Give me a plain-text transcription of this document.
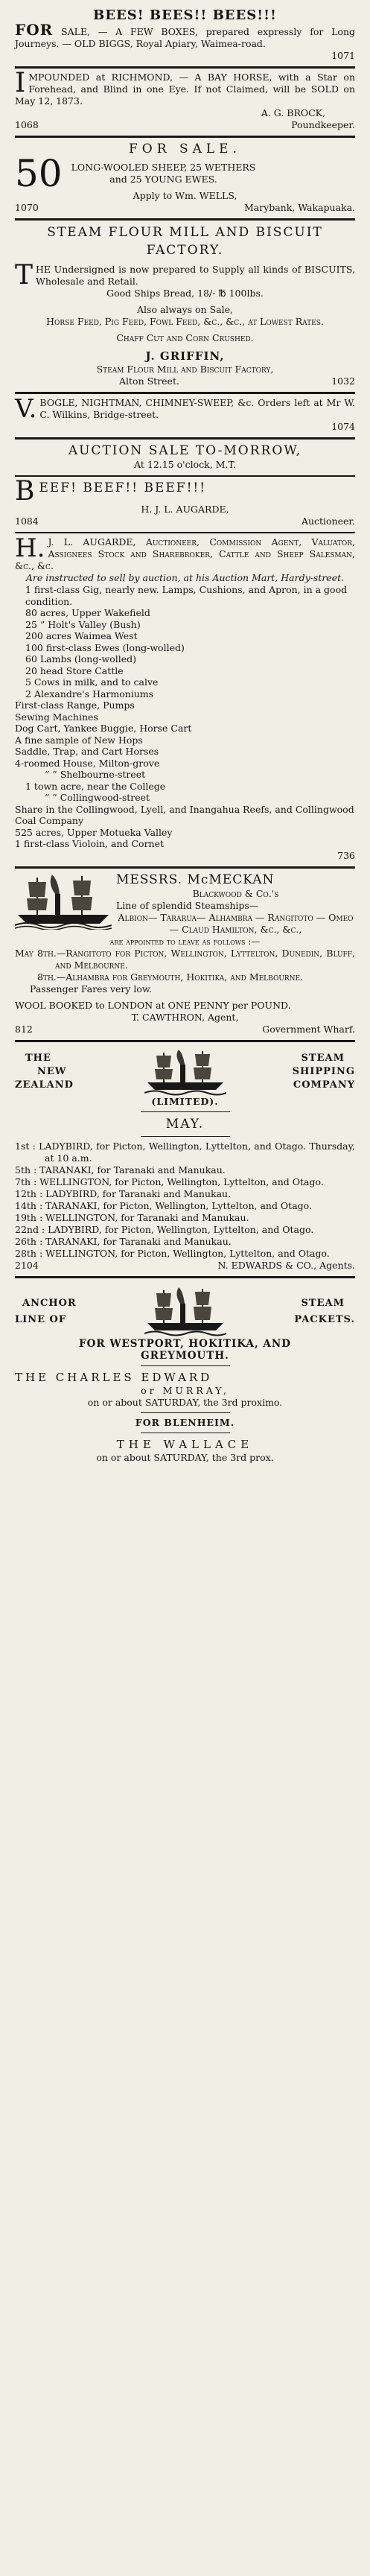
BEES! BEES!! BEES!!!

FOR SALE, — A FEW BOXES, prepared expressly for Long Journeys. — OLD BIGGS, Royal Apiary, Waimea-road.

1071

IMPOUNDED at RICHMOND, — A BAY HORSE, with a Star on Forehead, and Blind in one Eye. If not Claimed, will be SOLD on May 12, 1873.

A. G. BROCK,

1068	Poundkeeper.

FOR SALE.

50 LONG-WOOLED SHEEP, 25 WETHERS

and 25 YOUNG EWES.

Apply to Wm. WELLS,

1070	Marybank, Wakapuaka.

STEAM FLOUR MILL AND BISCUIT FACTORY.

THE Undersigned is now prepared to Supply all kinds of BISCUITS, Wholesale and Retail.

Good Ships Bread, 18/- ℔ 100lbs.

Also always on Sale,

Horse Feed, Pig Feed, Fowl Feed, &c., &c., at Lowest Rates.

Chaff Cut and Corn Crushed.

J. GRIFFIN,

Steam Flour Mill and Biscuit Factory,

Alton Street.	1032

V. BOGLE, NIGHTMAN, CHIMNEY-SWEEP, &c. Orders left at Mr W. C. Wilkins, Bridge-street.

1074

AUCTION SALE TO-MORROW,

At 12.15 o'clock, M.T.

BEEF! BEEF!! BEEF!!!

H. J. L. AUGARDE,

1084	Auctioneer.

H. J. L. AUGARDE, Auctioneer, Commission Agent, Valuator, Assignees Stock and Sharebroker, Cattle and Sheep Salesman, &c., &c.

Are instructed to sell by auction, at his Auction Mart, Hardy-street.

1 first-class Gig, nearly new. Lamps, Cushions, and Apron, in a good condition.

80 acres, Upper Wakefield

25 ” Holt's Valley (Bush)

200 acres Waimea West

100 first-class Ewes (long-wolled)

60 Lambs (long-wolled)

20 head Store Cattle

5 Cows in milk, and to calve

2 Alexandre's Harmoniums

First-class Range, Pumps

Sewing Machines

Dog Cart, Yankee Buggie, Horse Cart

A fine sample of New Hops

Saddle, Trap, and Cart Horses

4-roomed House, Milton-grove

” ” Shelbourne-street

1 town acre, near the College

” ” Collingwood-street

Share in the Collingwood, Lyell, and Inangahua Reefs, and Collingwood Coal Company

525 acres, Upper Motueka Valley

1 first-class Violoin, and Cornet

736

MESSRS. McMECKAN

Blackwood & Co.'s

Line of splendid Steamships—

Albion— Tararua— Alhambra — Rangitoto — Omeo — Claud Hamilton, &c., &c.,

are appointed to leave as follows :—

May 8th.—Rangitoto for Picton, Wellington, Lyttelton, Dunedin, Bluff, and Melbourne.

8th.—Alhambra for Greymouth, Hokitika, and Melbourne.

Passenger Fares very low.

WOOL BOOKED to LONDON at ONE PENNY per POUND.

T. CAWTHRON, Agent,

812	Government Wharf.

THE

NEW

ZEALAND

STEAM

SHIPPING

COMPANY

(LIMITED).

MAY.

1st : LADYBIRD, for Picton, Wellington, Lyttelton, and Otago. Thursday, at 10 a.m.

5th : TARANAKI, for Taranaki and Manukau.

7th : WELLINGTON, for Picton, Wellington, Lyttelton, and Otago.

12th : LADYBIRD, for Taranaki and Manukau.

14th : TARANAKI, for Picton, Wellington, Lyttelton, and Otago.

19th : WELLINGTON, for Taranaki and Manukau.

22nd : LADYBIRD, for Picton, Wellington, Lyttelton, and Otago.

26th : TARANAKI, for Taranaki and Manukau.

28th : WELLINGTON, for Picton, Wellington, Lyttelton, and Otago.

2104	N. EDWARDS & CO., Agents.

ANCHOR

LINE OF

STEAM

PACKETS.

FOR WESTPORT, HOKITIKA, AND

GREYMOUTH.

THE CHARLES EDWARD

or MURRAY,

on or about SATURDAY, the 3rd proximo.

FOR BLENHEIM.

THE WALLACE

on or about SATURDAY, the 3rd prox.
